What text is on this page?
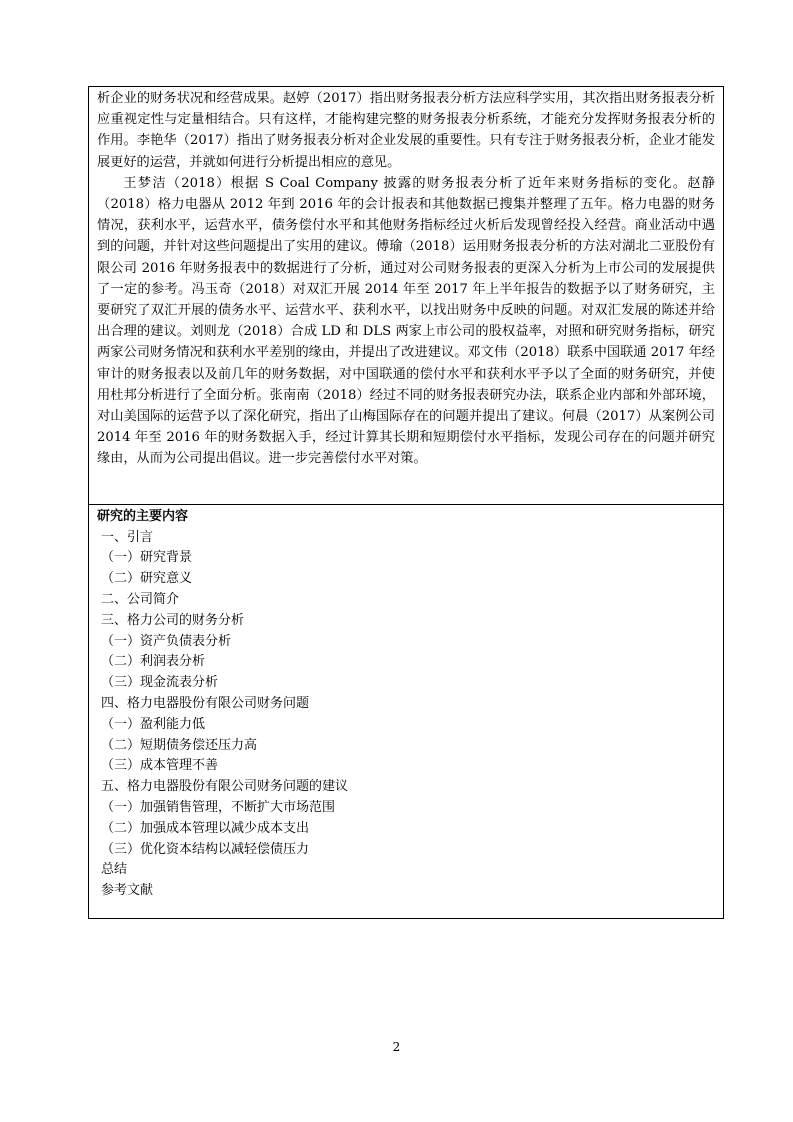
析企业的财务状况和经营成果。赵婷（2017）指出财务报表分析方法应科学实用，其次指出财务报表分析应重视定性与定量相结合。只有这样，才能构建完整的财务报表分析系统，才能充分发挥财务报表分析的作用。李艳华（2017）指出了财务报表分析对企业发展的重要性。只有专注于财务报表分析，企业才能发展更好的运营，并就如何进行分析提出相应的意见。

王梦洁（2018）根据 S Coal Company 披露的财务报表分析了近年来财务指标的变化。赵静（2018）格力电器从 2012 年到 2016 年的会计报表和其他数据已搜集并整理了五年。格力电器的财务情况，获利水平，运营水平，债务偿付水平和其他财务指标经过火析后发现曾经投入经营。商业活动中遇到的问题，并针对这些问题提出了实用的建议。傅瑜（2018）运用财务报表分析的方法对湖北二亚股份有限公司 2016 年财务报表中的数据进行了分析，通过对公司财务报表的更深入分析为上市公司的发展提供了一定的参考。冯玉奇（2018）对双汇开展 2014 年至 2017 年上半年报告的数据予以了财务研究，主要研究了双汇开展的债务水平、运营水平、获利水平，以找出财务中反映的问题。对双汇发展的陈述并给出合理的建议。刘则龙（2018）合成 LD 和 DLS 两家上市公司的股权益率，对照和研究财务指标，研究两家公司财务情况和获利水平差别的缘由，并提出了改进建议。邓文伟（2018）联系中国联通 2017 年经审计的财务报表以及前几年的财务数据，对中国联通的偿付水平和获利水平予以了全面的财务研究，并使用杜邦分析进行了全面分析。张南南（2018）经过不同的财务报表研究办法，联系企业内部和外部环境，对山美国际的运营予以了深化研究，指出了山梅国际存在的问题并提出了建议。何晨（2017）从案例公司 2014 年至 2016 年的财务数据入手，经过计算其长期和短期偿付水平指标，发现公司存在的问题并研究缘由，从而为公司提出倡议。进一步完善偿付水平对策。

研究的主要内容

一、引言
（一）研究背景
（二）研究意义
二、公司简介
三、格力公司的财务分析
（一）资产负债表分析
（二）利润表分析
（三）现金流表分析
四、格力电器股份有限公司财务问题
（一）盈利能力低
（二）短期债务偿还压力高
（三）成本管理不善
五、格力电器股份有限公司财务问题的建议
（一）加强销售管理，不断扩大市场范围
（二）加强成本管理以减少成本支出
（三）优化资本结构以减轻偿债压力
总结
参考文献
2
